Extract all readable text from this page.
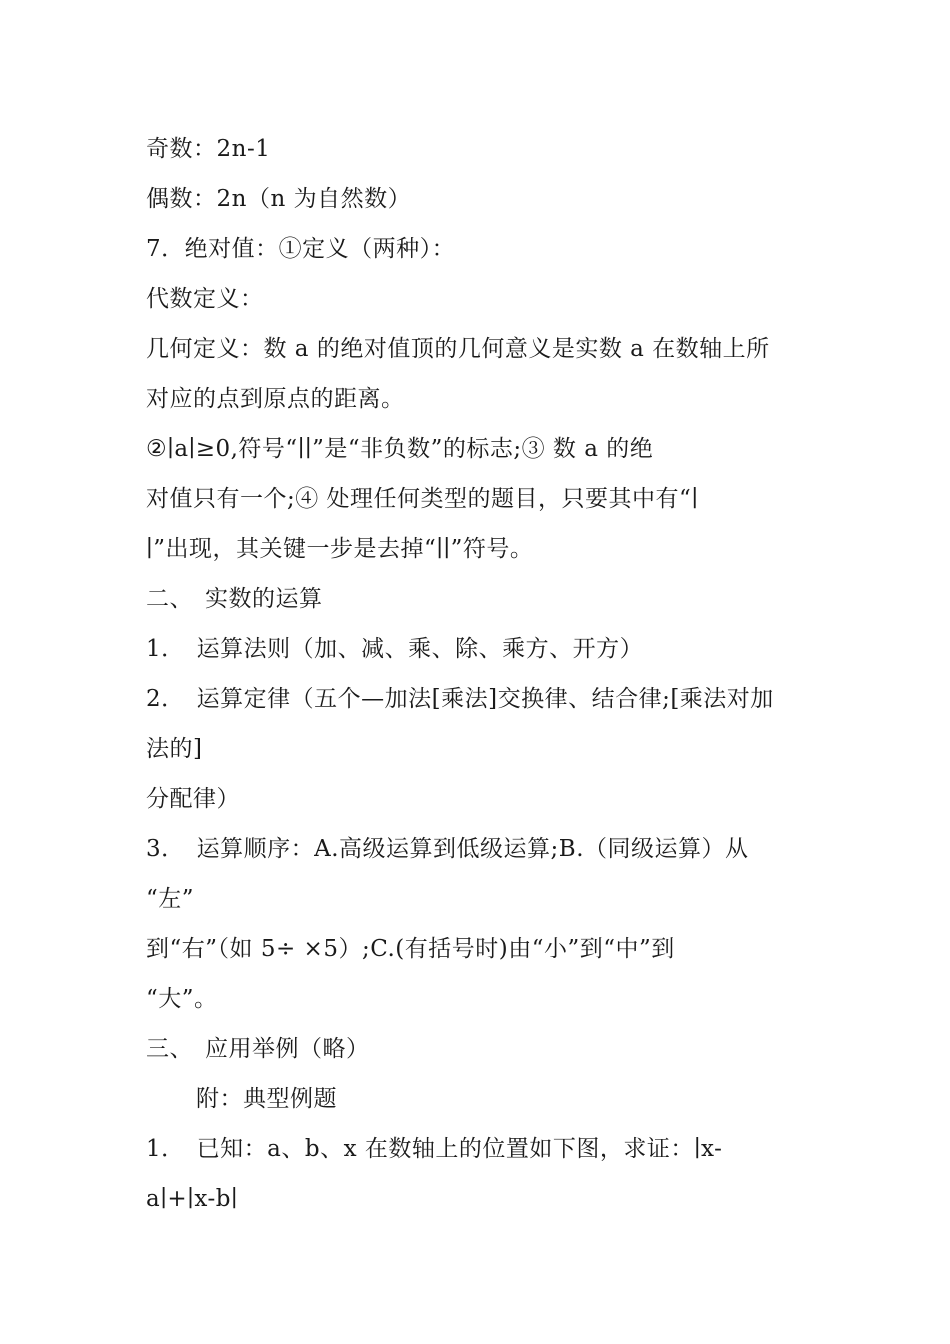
奇数：2n-1
偶数：2n（n 为自然数）
7．绝对值：①定义（两种）：
代数定义：
几何定义：数 a 的绝对值顶的几何意义是实数 a 在数轴上所
对应的点到原点的距离。
②∣a∣≥0,符号“∣∣”是“非负数”的标志;③ 数 a 的绝
对值只有一个;④ 处理任何类型的题目，只要其中有“∣
∣”出现，其关键一步是去掉“∣∣”符号。
二、　实数的运算
1．　运算法则（加、减、乘、除、乘方、开方）
2．　运算定律（五个—加法[乘法]交换律、结合律;[乘法对加
法的]
分配律）
3．　运算顺序：A.高级运算到低级运算;B.（同级运算）从
“左”
到“右”（如 5÷ ×5）;C.(有括号时)由“小”到“中”到
“大”。
三、　应用举例（略）
附：典型例题
1．　已知：a、b、x 在数轴上的位置如下图，求证：∣x-
a∣+∣x-b∣
